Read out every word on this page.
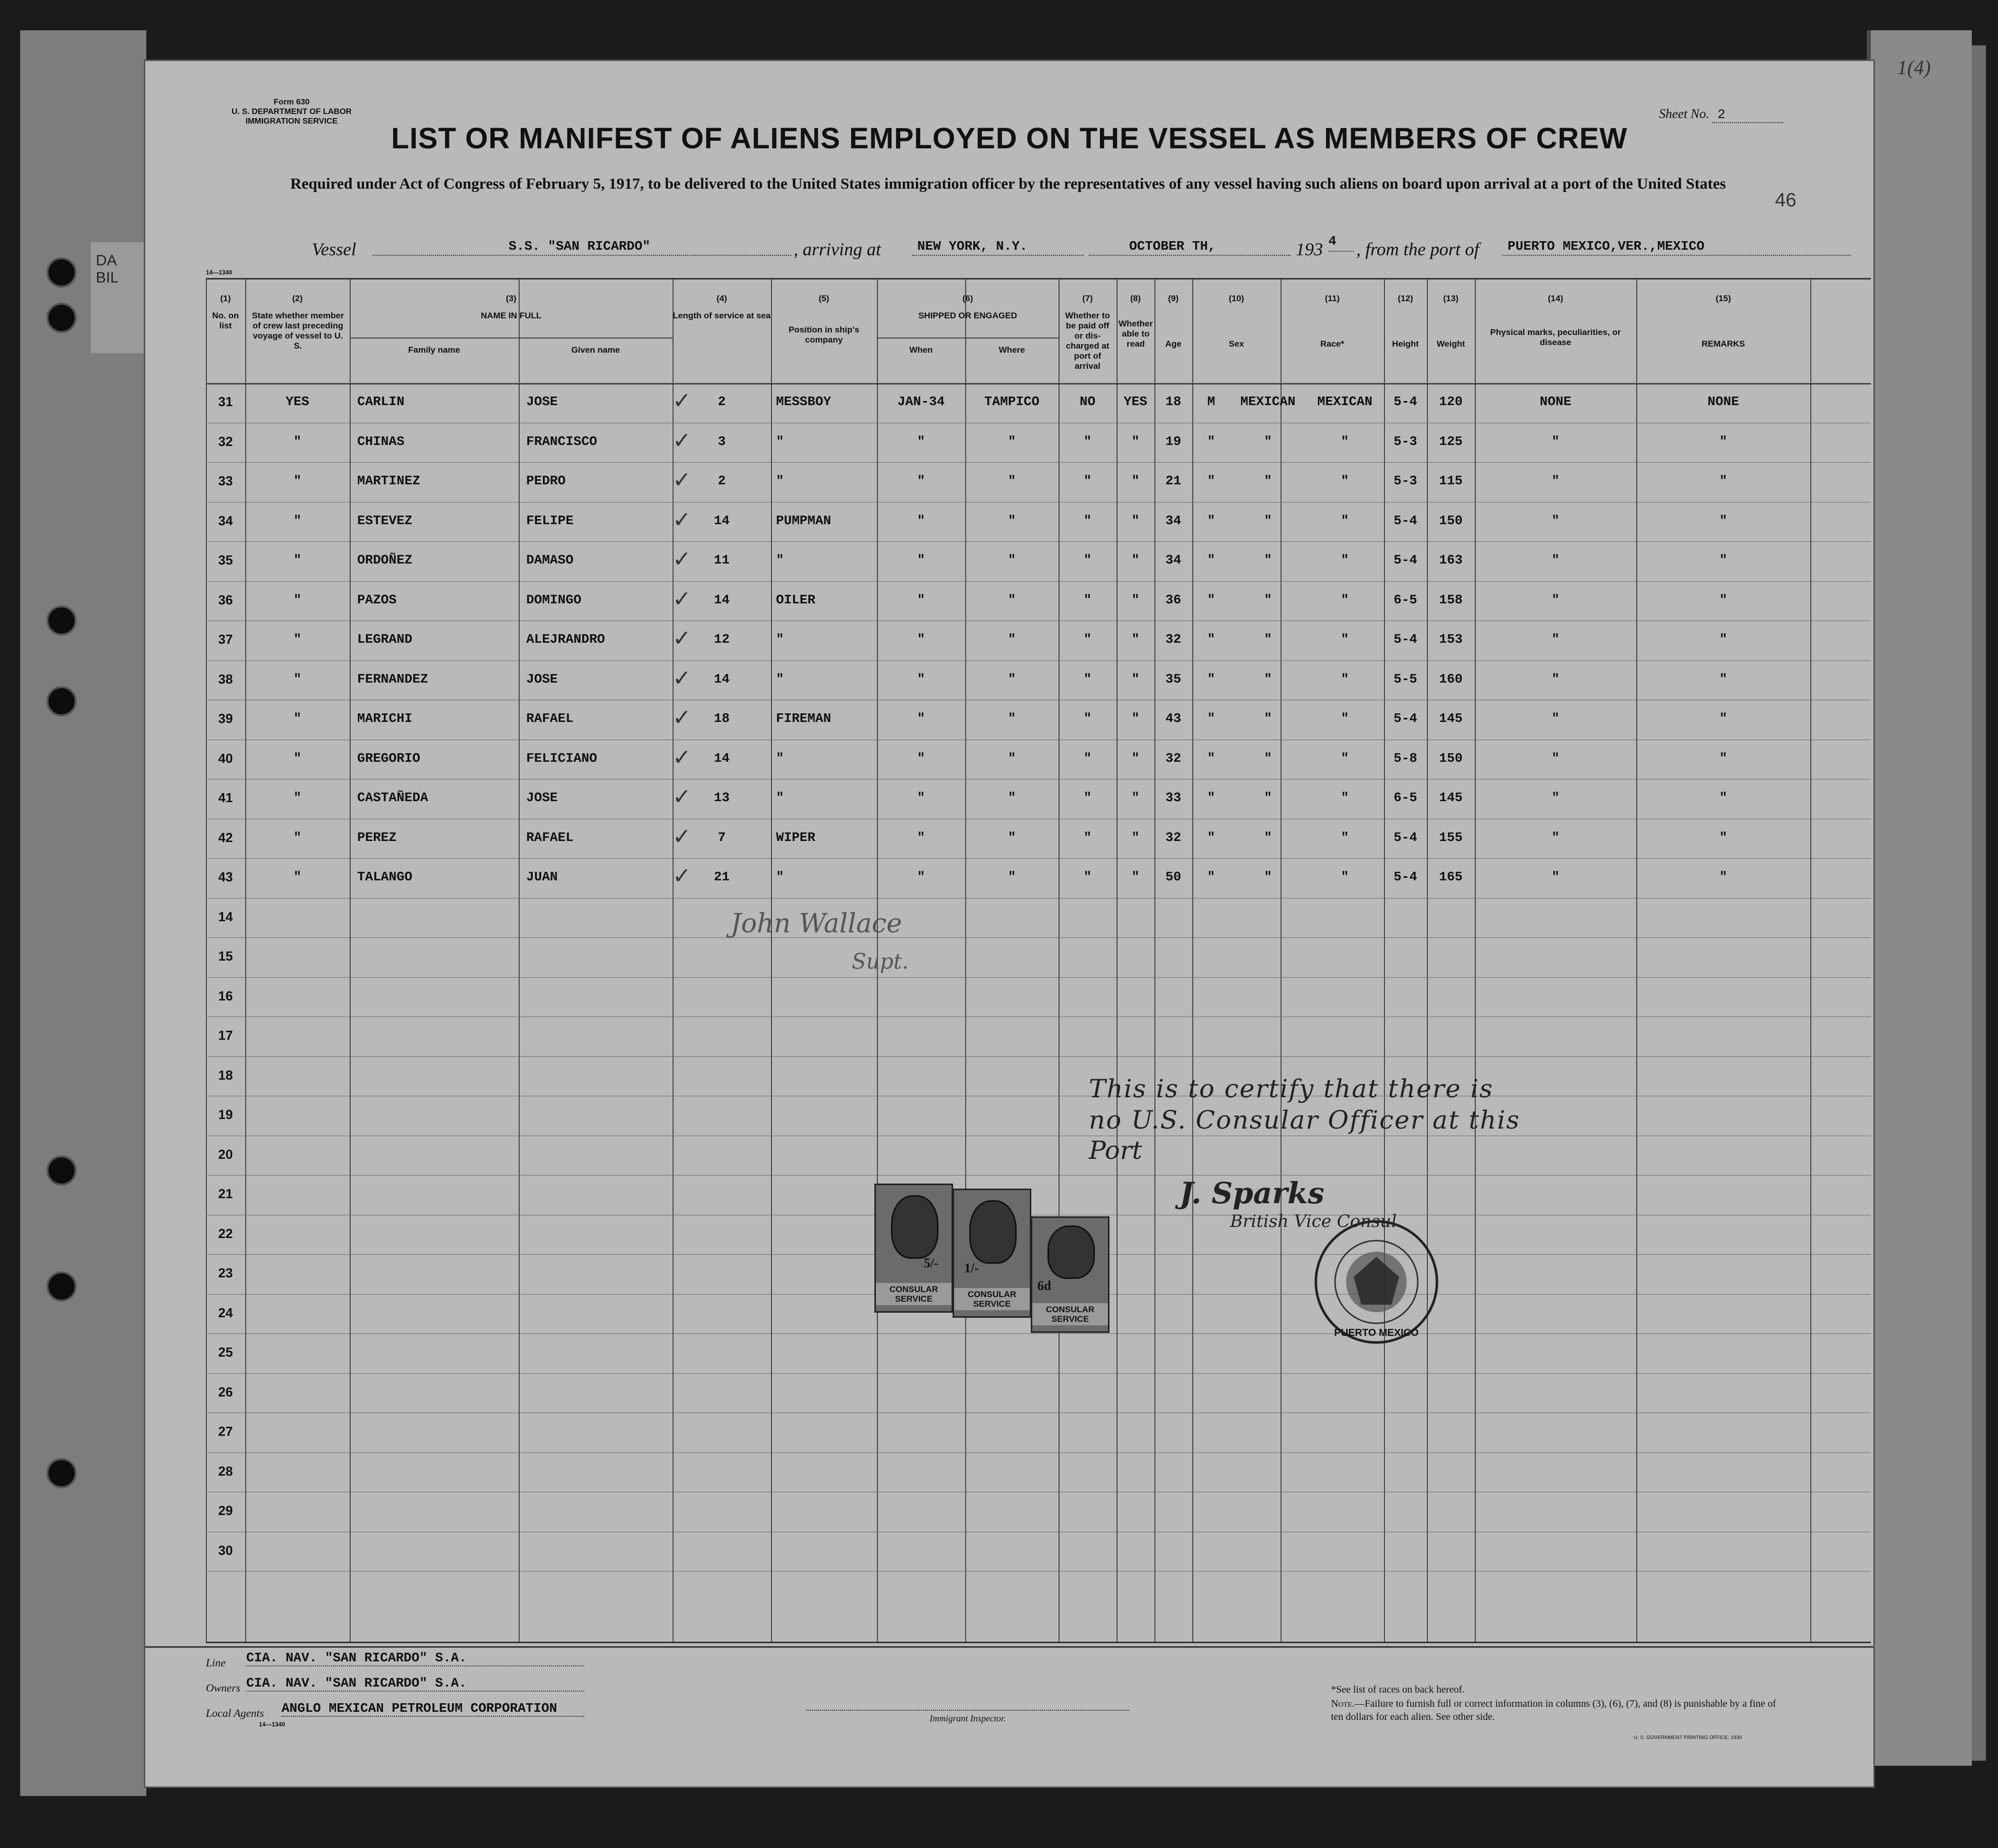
DA BIL
1(4)
Form 630
U. S. DEPARTMENT OF LABOR
IMMIGRATION SERVICE
Sheet No. 2
LIST OR MANIFEST OF ALIENS EMPLOYED ON THE VESSEL AS MEMBERS OF CREW
Required under Act of Congress of February 5, 1917, to be delivered to the United States immigration officer by the representatives of any vessel having such aliens on board upon arrival at a port of the United States
46
Vessel	S.S. "SAN RICARDO"	, arriving at	NEW YORK, N.Y.	OCTOBER TH,	193 4	, from the port of	PUERTO MEXICO,VER.,MEXICO
14—1340
(1)	(2)	(3)	(4)	(5)	(6)	(7)	(8)	(9)	(10)	(11)	(12)	(13)	(14)	(15)
No. on list
State whether member of crew last preceding voyage of vessel to U. S.
NAME IN FULL
Family name	Given name
Length of service at sea
Position in ship's company
SHIPPED OR ENGAGED
When	Where
Whether to be paid off or dis-charged at port of arrival
Whether able to read	Age	Sex	Race*	Height	Weight
Physical marks, peculiarities, or disease	REMARKS
31	YES	CARLIN	JOSE	2	MESSBOY	JAN-34	TAMPICO	NO	YES	18	M	MEXICAN	MEXICAN	5-4	120	NONE	NONE
32	"	CHINAS	FRANCISCO	3	"	"	"	"	"	19	"	"	"	5-3	125	"	"
33	"	MARTINEZ	PEDRO	2	"	"	"	"	"	21	"	"	"	5-3	115	"	"
34	"	ESTEVEZ	FELIPE	14	PUMPMAN	"	"	"	"	34	"	"	"	5-4	150	"	"
35	"	ORDOÑEZ	DAMASO	11	"	"	"	"	"	34	"	"	"	5-4	163	"	"
36	"	PAZOS	DOMINGO	14	OILER	"	"	"	"	36	"	"	"	6-5	158	"	"
37	"	LEGRAND	ALEJRANDRO	12	"	"	"	"	"	32	"	"	"	5-4	153	"	"
38	"	FERNANDEZ	JOSE	14	"	"	"	"	"	35	"	"	"	5-5	160	"	"
39	"	MARICHI	RAFAEL	18	FIREMAN	"	"	"	"	43	"	"	"	5-4	145	"	"
40	"	GREGORIO	FELICIANO	14	"	"	"	"	"	32	"	"	"	5-8	150	"	"
41	"	CASTAÑEDA	JOSE	13	"	"	"	"	"	33	"	"	"	6-5	145	"	"
42	"	PEREZ	RAFAEL	7	WIPER	"	"	"	"	32	"	"	"	5-4	155	"	"
43	"	TALANGO	JUAN	21	"	"	"	"	"	50	"	"	"	5-4	165	"	"
14
15
16
17
18
19
20
21
22
23
24
25
26
27
28
29
30
✓
✓
✓
✓
✓
✓
✓
✓
✓
✓
✓
✓
✓
This is to certify that there is
no U.S. Consular Officer at this
Port
J. Sparks
British Vice Consul
John Wallace
Supt.
5/-
CONSULAR SERVICE
1/-
CONSULAR SERVICE
6d
CONSULAR SERVICE
PUERTO MEXICO
Line CIA. NAV. "SAN RICARDO" S.A.
Owners CIA. NAV. "SAN RICARDO" S.A.
Local Agents ANGLO MEXICAN PETROLEUM CORPORATION
14—1340
Immigrant Inspector.
*See list of races on back hereof.
Note.—Failure to furnish full or correct information in columns (3), (6), (7), and (8) is punishable by a fine of ten dollars for each alien. See other side.
U. S. GOVERNMENT PRINTING OFFICE: 1930
